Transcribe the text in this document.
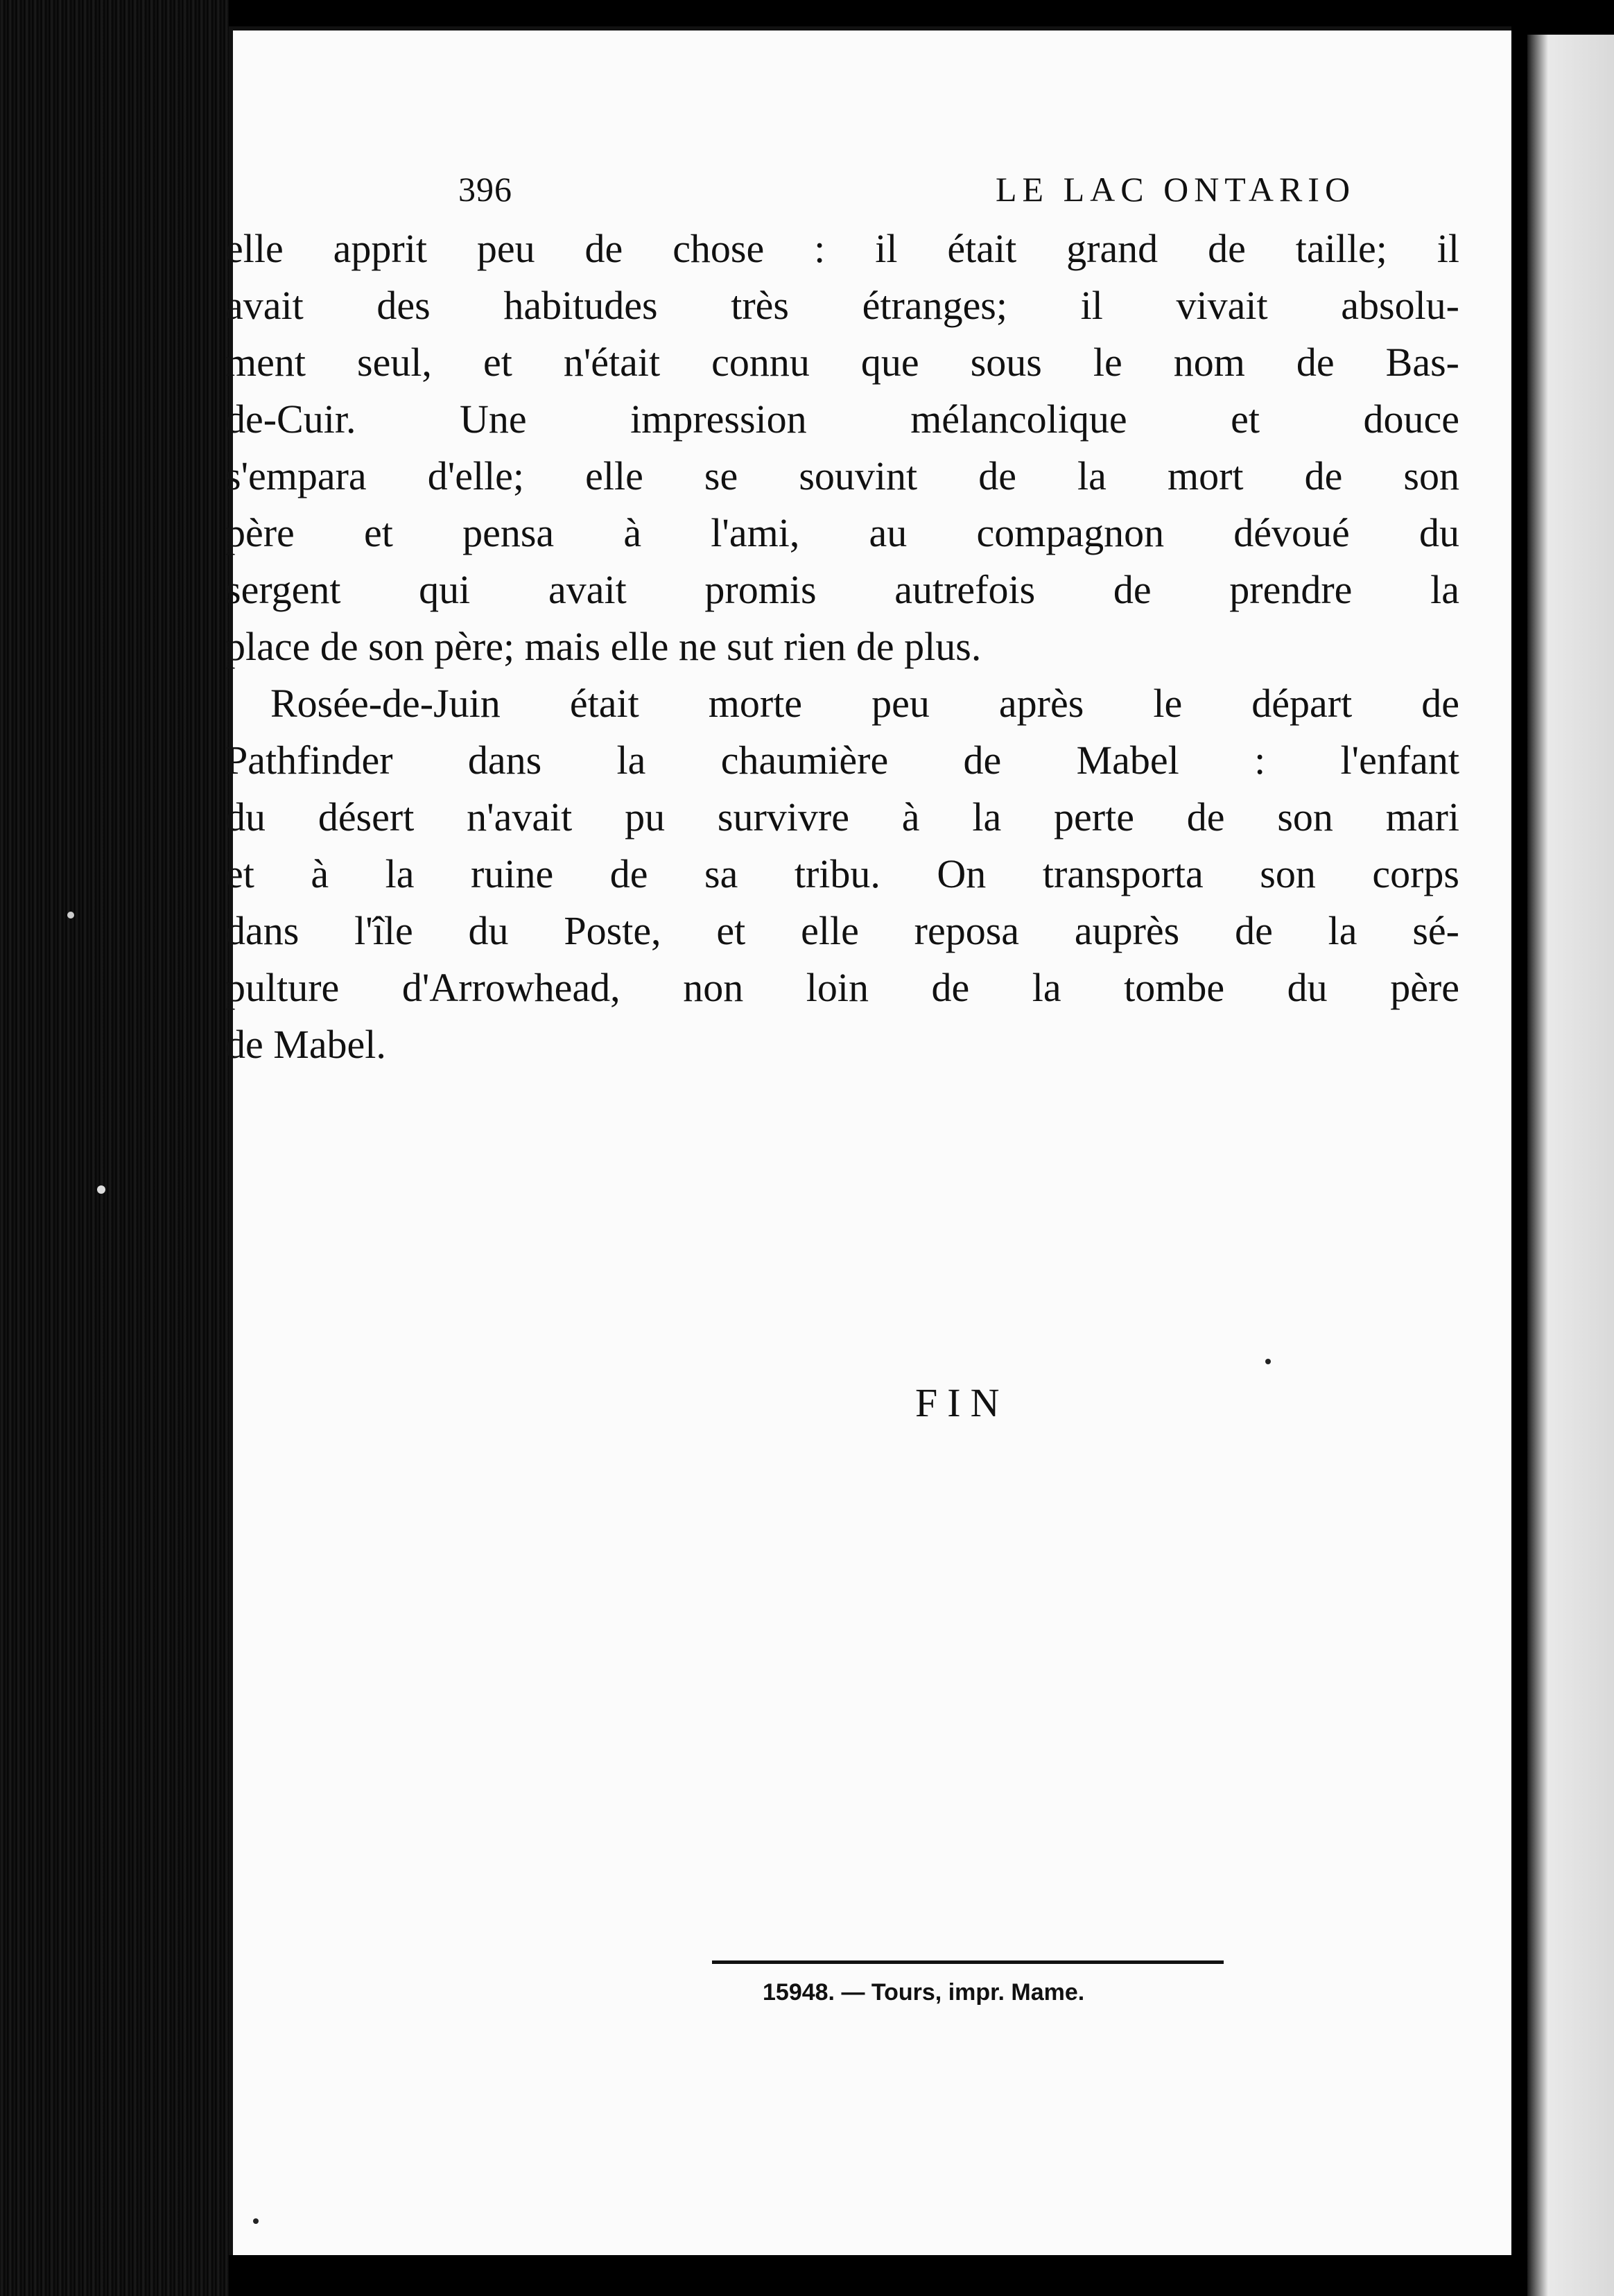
396	LE LAC ONTARIO
elle apprit peu de chose : il était grand de taille; il
avait des habitudes très étranges; il vivait absolu-
ment seul, et n'était connu que sous le nom de Bas-
de-Cuir. Une impression mélancolique et douce
s'empara d'elle; elle se souvint de la mort de son
père et pensa à l'ami, au compagnon dévoué du
sergent qui avait promis autrefois de prendre la
place de son père; mais elle ne sut rien de plus.
Rosée-de-Juin était morte peu après le départ de
Pathfinder dans la chaumière de Mabel : l'enfant
du désert n'avait pu survivre à la perte de son mari
et à la ruine de sa tribu. On transporta son corps
dans l'île du Poste, et elle reposa auprès de la sé-
pulture d'Arrowhead, non loin de la tombe du père
de Mabel.
FIN
15948. — Tours, impr. Mame.
